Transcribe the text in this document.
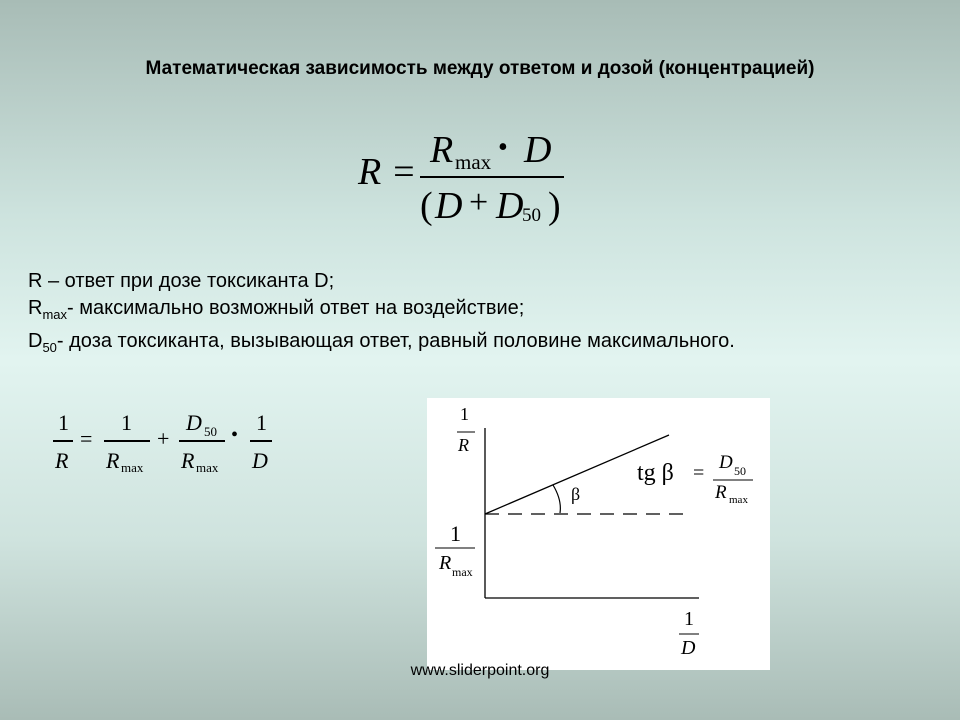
Математическая зависимость между ответом и дозой (концентрацией)
R =
R max • D
( D + D
50 )
R – ответ при дозе токсиканта D;
$R_{max}-$ максимально возможный ответ на воздействие;
$D_{50}-$ доза токсиканта, вызывающая ответ, равный половине максимального.
1
R
=
1
R max
+
D 50
R max
• 1
D
1
R
1
R max
1
D
β
tg β = D 50
R max
www.sliderpoint.org
